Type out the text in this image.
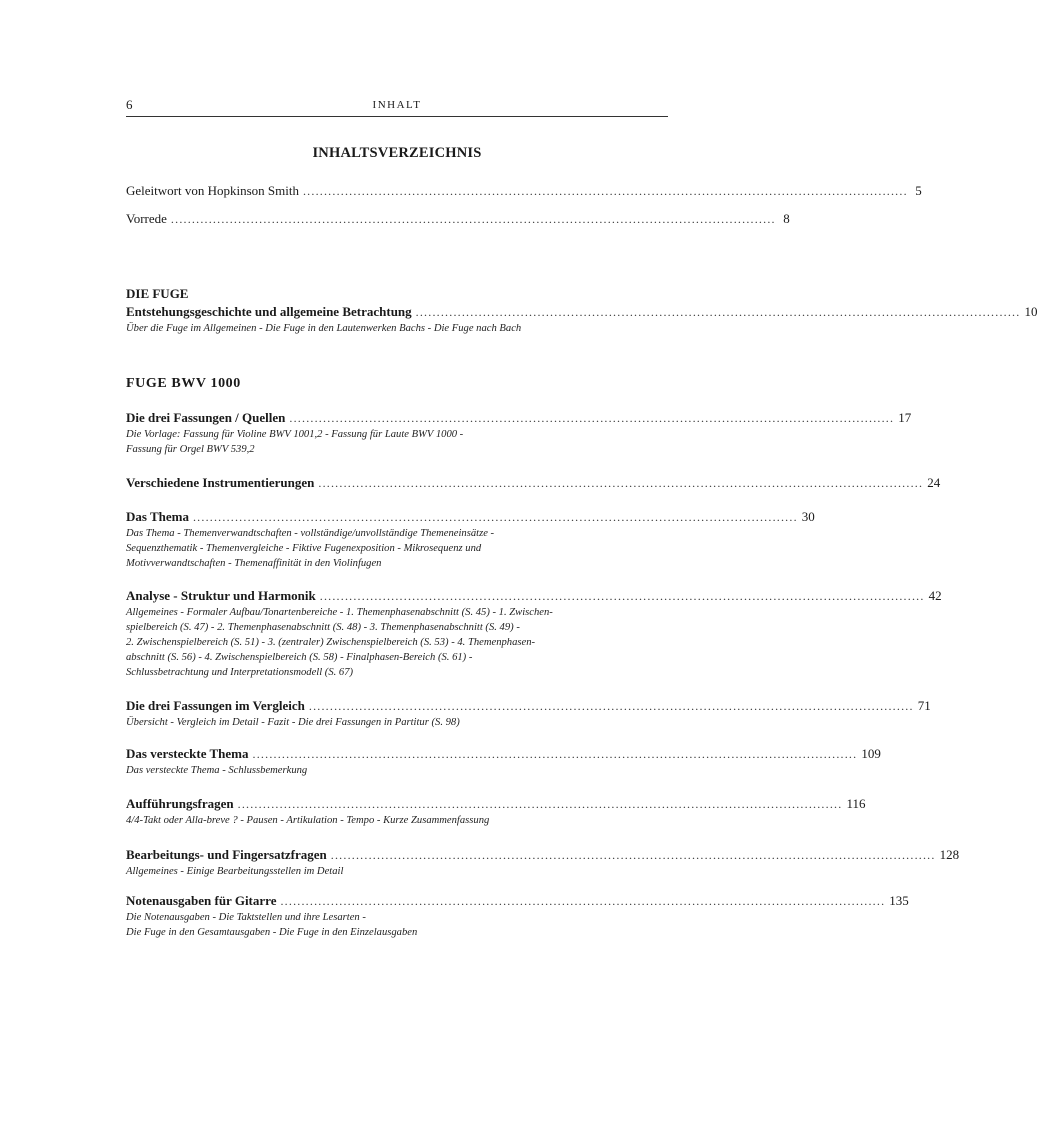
6	INHALT
INHALTSVERZEICHNIS
Geleitwort von Hopkinson Smith ................................................................................................................................................ 5
Vorrede ................................................................................................................................................ 8
DIE FUGE
Entstehungsgeschichte und allgemeine Betrachtung ................................................................................................................................................ 10
Über die Fuge im Allgemeinen - Die Fuge in den Lautenwerken Bachs - Die Fuge nach Bach
FUGE BWV 1000
Die drei Fassungen / Quellen ................................................................................................................................................ 17
Die Vorlage: Fassung für Violine BWV 1001,2 - Fassung für Laute BWV 1000 -
Fassung für Orgel BWV 539,2
Verschiedene Instrumentierungen ................................................................................................................................................ 24
Das Thema ................................................................................................................................................ 30
Das Thema - Themenverwandtschaften - vollständige/unvollständige Themeneinsätze -
Sequenzthematik - Themenvergleiche - Fiktive Fugenexposition - Mikrosequenz und
Motivverwandtschaften - Themenaffinität in den Violinfugen
Analyse - Struktur und Harmonik ................................................................................................................................................ 42
Allgemeines - Formaler Aufbau/Tonartenbereiche - 1. Themenphasenabschnitt (S. 45) - 1. Zwischen-
spielbereich (S. 47) - 2. Themenphasenabschnitt (S. 48) - 3. Themenphasenabschnitt (S. 49) -
2. Zwischenspielbereich (S. 51) - 3. (zentraler) Zwischenspielbereich (S. 53) - 4. Themenphasen-
abschnitt (S. 56) - 4. Zwischenspielbereich (S. 58) - Finalphasen-Bereich (S. 61) -
Schlussbetrachtung und Interpretationsmodell (S. 67)
Die drei Fassungen im Vergleich ................................................................................................................................................ 71
Übersicht - Vergleich im Detail - Fazit - Die drei Fassungen in Partitur (S. 98)
Das versteckte Thema ................................................................................................................................................ 109
Das versteckte Thema - Schlussbemerkung
Aufführungsfragen ................................................................................................................................................ 116
4/4-Takt oder Alla-breve ? - Pausen - Artikulation - Tempo - Kurze Zusammenfassung
Bearbeitungs- und Fingersatzfragen ................................................................................................................................................ 128
Allgemeines - Einige Bearbeitungsstellen im Detail
Notenausgaben für Gitarre ................................................................................................................................................ 135
Die Notenausgaben - Die Taktstellen und ihre Lesarten -
Die Fuge in den Gesamtausgaben - Die Fuge in den Einzelausgaben
